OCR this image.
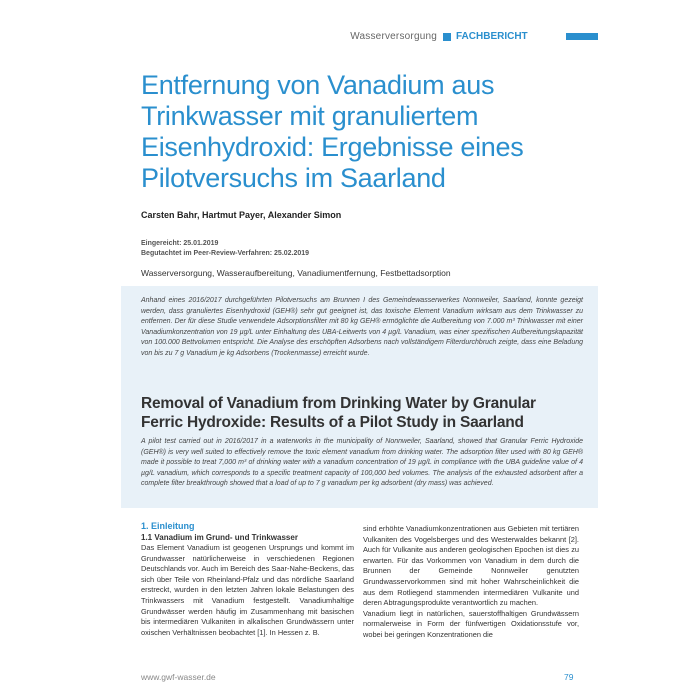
Wasserversorgung FACHBERICHT
Entfernung von Vanadium aus Trinkwasser mit granuliertem Eisenhydroxid: Ergebnisse eines Pilotversuchs im Saarland
Carsten Bahr, Hartmut Payer, Alexander Simon
Eingereicht: 25.01.2019
Begutachtet im Peer-Review-Verfahren: 25.02.2019
Wasserversorgung, Wasseraufbereitung, Vanadiumentfernung, Festbettadsorption

Anhand eines 2016/2017 durchgeführten Pilotversuchs am Brunnen I des Gemeindewasserwerkes Nonnweiler, Saarland, konnte gezeigt werden, dass granuliertes Eisenhydroxid (GEH®) sehr gut geeignet ist, das toxische Element Vanadium wirksam aus dem Trinkwasser zu entfernen. Der für diese Studie verwendete Adsorptionsfilter mit 80 kg GEH® ermöglichte die Aufbereitung von 7.000 m³ Trinkwasser mit einer Vanadiumkonzentration von 19 µg/L unter Einhaltung des UBA-Leitwerts von 4 µg/L Vanadium, was einer spezifischen Aufbereitungskapazität von 100.000 Bettvolumen entspricht. Die Analyse des erschöpften Adsorbens nach vollständigem Filterdurchbruch zeigte, dass eine Beladung von bis zu 7 g Vanadium je kg Adsorbens (Trockenmasse) erreicht wurde.

Removal of Vanadium from Drinking Water by Granular Ferric Hydroxide: Results of a Pilot Study in Saarland

A pilot test carried out in 2016/2017 in a waterworks in the municipality of Nonnweiler, Saarland, showed that Granular Ferric Hydroxide (GEH®) is very well suited to effectively remove the toxic element vanadium from drinking water. The adsorption filter used with 80 kg GEH® made it possible to treat 7,000 m³ of drinking water with a vanadium concentration of 19 µg/L in compliance with the UBA guideline value of 4 µg/L vanadium, which corresponds to a specific treatment capacity of 100,000 bed volumes. The analysis of the exhausted adsorbent after a complete filter breakthrough showed that a load of up to 7 g vanadium per kg adsorbent (dry mass) was achieved.

1. Einleitung
1.1 Vanadium im Grund- und Trinkwasser

Das Element Vanadium ist geogenen Ursprungs und kommt im Grundwasser natürlicherweise in verschiedenen Regionen Deutschlands vor. Auch im Bereich des Saar-Nahe-Beckens, das sich über Teile von Rheinland-Pfalz und das nördliche Saarland erstreckt, wurden in den letzten Jahren lokale Belastungen des Trinkwassers mit Vanadium festgestellt. Vanadiumhaltige Grundwässer werden häufig im Zusammenhang mit basischen bis intermediären Vulkaniten in alkalischen Grundwässern unter oxischen Verhältnissen beobachtet [1]. In Hessen z. B.

sind erhöhte Vanadiumkonzentrationen aus Gebieten mit tertiären Vulkaniten des Vogelsberges und des Westerwaldes bekannt [2]. Auch für Vulkanite aus anderen geologischen Epochen ist dies zu erwarten. Für das Vorkommen von Vanadium in dem durch die Brunnen der Gemeinde Nonnweiler genutzten Grundwasservorkommen sind mit hoher Wahrscheinlichkeit die aus dem Rotliegend stammenden intermediären Vulkanite und deren Abtragungsprodukte verantwortlich zu machen.

Vanadium liegt in natürlichen, sauerstoffhaltigen Grundwässern normalerweise in Form der fünfwertigen Oxidationsstufe vor, wobei bei geringen Konzentrationen die

www.gwf-wasser.de	79
